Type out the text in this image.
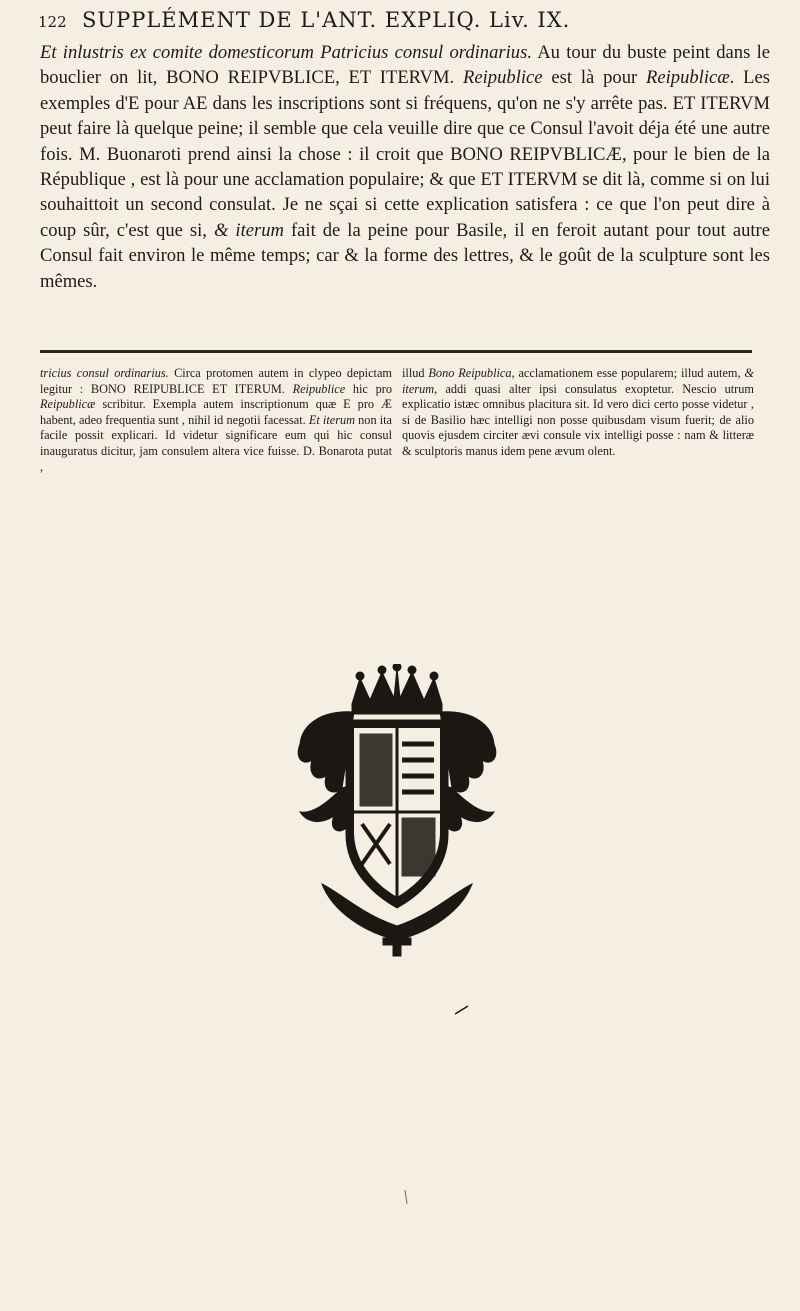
122 SUPPLÉMENT DE L'ANT. EXPLIQ. Liv. IX.

Et inlustris ex comite domesticorum Patricius consul ordinarius. Au tour du buste peint dans le bouclier on lit, BONO REIPVBLICE, ET ITERVM. Reipublice est là pour Reipublicæ. Les exemples d'E pour AE dans les inscriptions sont si fréquens, qu'on ne s'y arrête pas. ET ITERVM peut faire là quelque peine; il semble que cela veuille dire que ce Consul l'avoit déja été une autre fois. M. Buonaroti prend ainsi la chose : il croit que BONO REIPVBLICÆ, pour le bien de la République , est là pour une acclamation populaire; & que ET ITERVM se dit là, comme si on lui souhaittoit un second consulat. Je ne sçai si cette explication satisfera : ce que l'on peut dire à coup sûr, c'est que si, & iterum fait de la peine pour Basile, il en feroit autant pour tout autre Consul fait environ le même temps; car & la forme des lettres, & le goût de la sculpture sont les mêmes.

tricius consul ordinarius. Circa protomen autem in clypeo depictam legitur : BONO REIPUBLICE ET ITERUM. Reipublice hic pro Reipublicæ scribitur. Exempla autem inscriptionum quæ E pro Æ habent, adeo frequentia sunt , nihil id negotii facessat. Et iterum non ita facile possit explicari. Id videtur significare eum qui hic consul inauguratus dicitur, jam consulem altera vice fuisse. D. Bonarota putat ,

illud Bono Reipublica, acclamationem esse popularem; illud autem, & iterum, addi quasi alter ipsi consulatus exoptetur. Nescio utrum explicatio istæc omnibus placitura sit. Id vero dici certo posse videtur , si de Basilio hæc intelligi non posse quibusdam visum fuerit; de alio quovis ejusdem circiter ævi consule vix intelligi posse : nam & litteræ & sculptoris manus idem pene ævum olent.
